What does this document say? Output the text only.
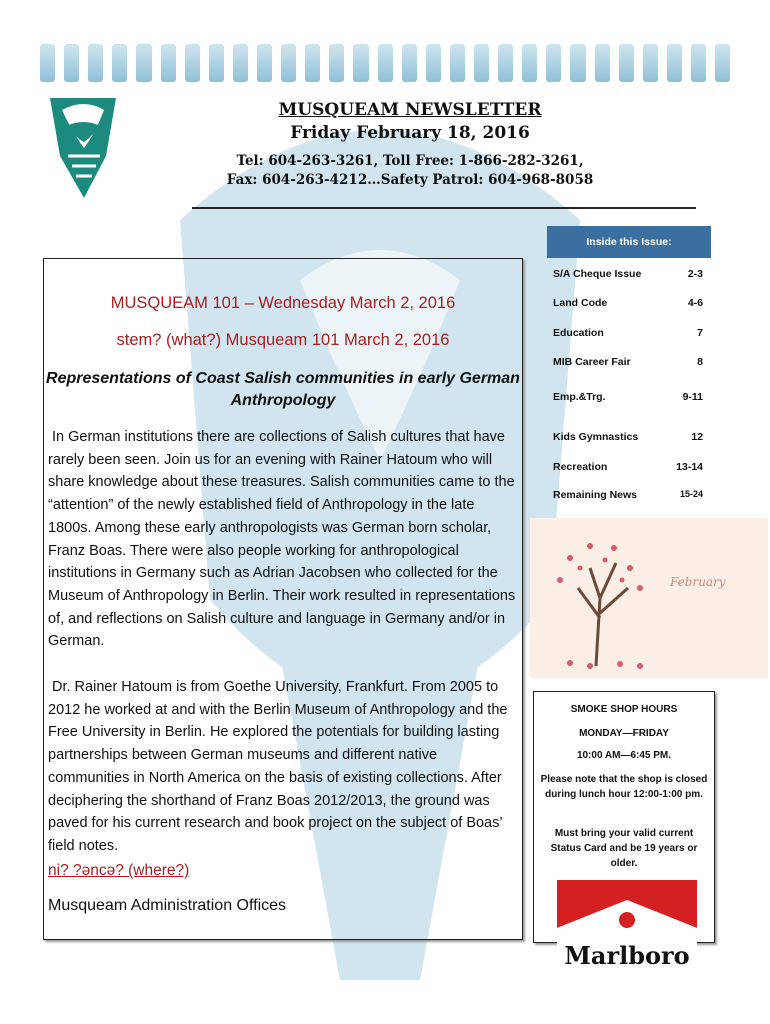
MUSQUEAM NEWSLETTER
Friday February 18, 2016
Tel: 604-263-3261, Toll Free: 1-866-282-3261,
Fax: 604-263-4212…Safety Patrol: 604-968-8058
Inside this Issue:
S/A Cheque Issue	2-3
Land Code	4-6
Education	7
MIB Career Fair	8
Emp.&Trg.	9-11
Kids Gymnastics	12
Recreation	13-14
Remaining News	15-24
MUSQUEAM 101 – Wednesday March 2, 2016
stem? (what?) Musqueam 101 March 2, 2016
Representations of Coast Salish communities in early German Anthropology
In German institutions there are collections of Salish cultures that have rarely been seen. Join us for an evening with Rainer Hatoum who will share knowledge about these treasures. Salish communities came to the “attention” of the newly established field of Anthropology in the late 1800s. Among these early anthropologists was German born scholar, Franz Boas. There were also people working for anthropological institutions in Germany such as Adrian Jacobsen who collected for the Museum of Anthropology in Berlin. Their work resulted in representations of, and reflections on Salish culture and language in Germany and/or in German.
Dr. Rainer Hatoum is from Goethe University, Frankfurt. From 2005 to 2012 he worked at and with the Berlin Museum of Anthropology and the Free University in Berlin. He explored the potentials for building lasting partnerships between German museums and different native communities in North America on the basis of existing collections. After deciphering the shorthand of Franz Boas 2012/2013, the ground was paved for his current research and book project on the subject of Boas’ field notes.
ni? ?əncə? (where?)
Musqueam Administration Offices
February
SMOKE SHOP HOURS
MONDAY—FRIDAY
10:00 AM—6:45 PM.
Please note that the shop is closed during lunch hour 12:00-1:00 pm.
Must bring your valid current Status Card and be 19 years or older.
Marlboro
